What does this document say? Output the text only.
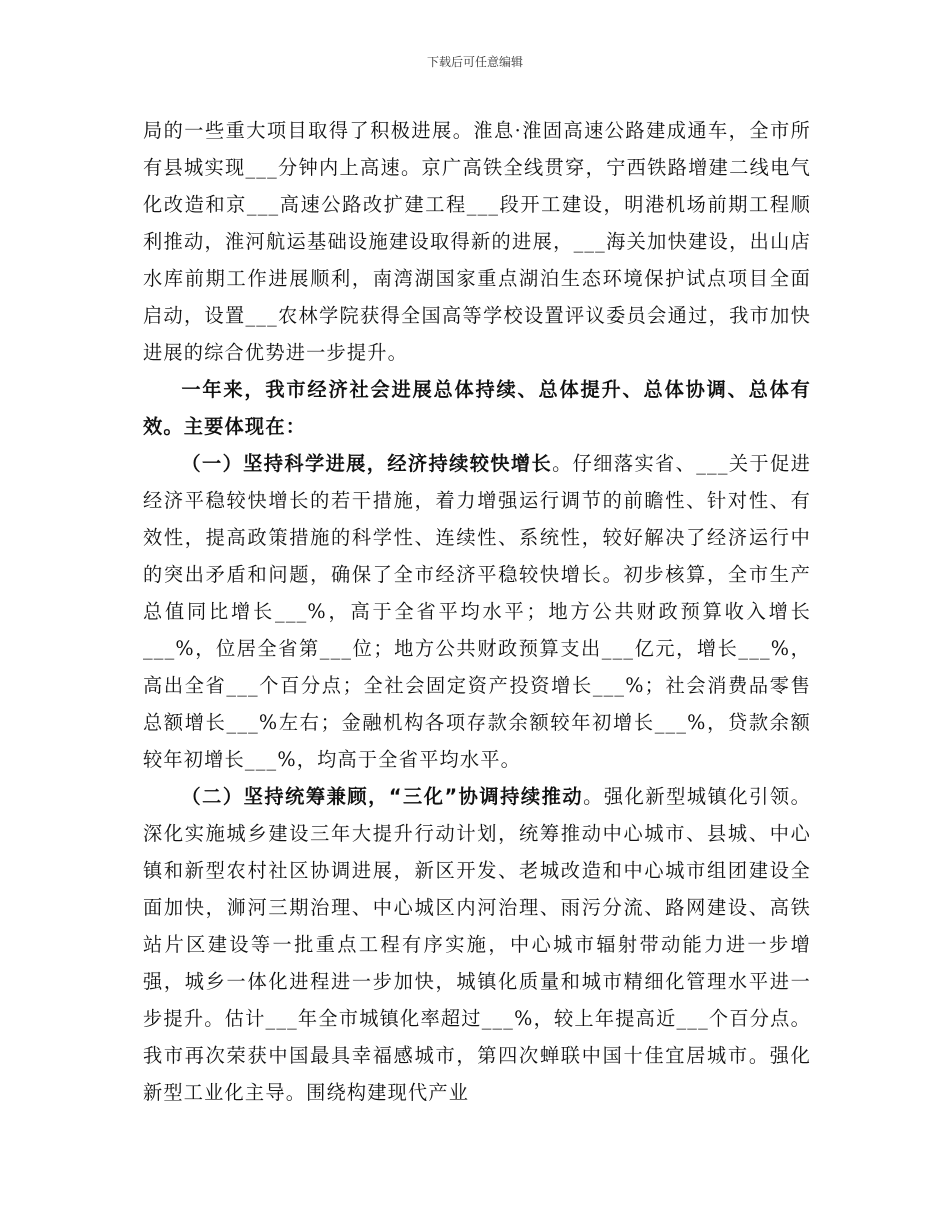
下载后可任意编辑

局的一些重大项目取得了积极进展。淮息·淮固高速公路建成通车，全市所有县城实现___分钟内上高速。京广高铁全线贯穿，宁西铁路增建二线电气化改造和京___高速公路改扩建工程___段开工建设，明港机场前期工程顺利推动，淮河航运基础设施建设取得新的进展，___海关加快建设，出山店水库前期工作进展顺利，南湾湖国家重点湖泊生态环境保护试点项目全面启动，设置___农林学院获得全国高等学校设置评议委员会通过，我市加快进展的综合优势进一步提升。

一年来，我市经济社会进展总体持续、总体提升、总体协调、总体有效。主要体现在：

（一）坚持科学进展，经济持续较快增长。仔细落实省、___关于促进经济平稳较快增长的若干措施，着力增强运行调节的前瞻性、针对性、有效性，提高政策措施的科学性、连续性、系统性，较好解决了经济运行中的突出矛盾和问题，确保了全市经济平稳较快增长。初步核算，全市生产总值同比增长___%，高于全省平均水平；地方公共财政预算收入增长___%，位居全省第___位；地方公共财政预算支出___亿元，增长___%，高出全省___个百分点；全社会固定资产投资增长___%；社会消费品零售总额增长___%左右；金融机构各项存款余额较年初增长___%，贷款余额较年初增长___%，均高于全省平均水平。

（二）坚持统筹兼顾，“三化”协调持续推动。强化新型城镇化引领。深化实施城乡建设三年大提升行动计划，统筹推动中心城市、县城、中心镇和新型农村社区协调进展，新区开发、老城改造和中心城市组团建设全面加快，浉河三期治理、中心城区内河治理、雨污分流、路网建设、高铁站片区建设等一批重点工程有序实施，中心城市辐射带动能力进一步增强，城乡一体化进程进一步加快，城镇化质量和城市精细化管理水平进一步提升。估计___年全市城镇化率超过___%，较上年提高近___个百分点。我市再次荣获中国最具幸福感城市，第四次蝉联中国十佳宜居城市。强化新型工业化主导。围绕构建现代产业
